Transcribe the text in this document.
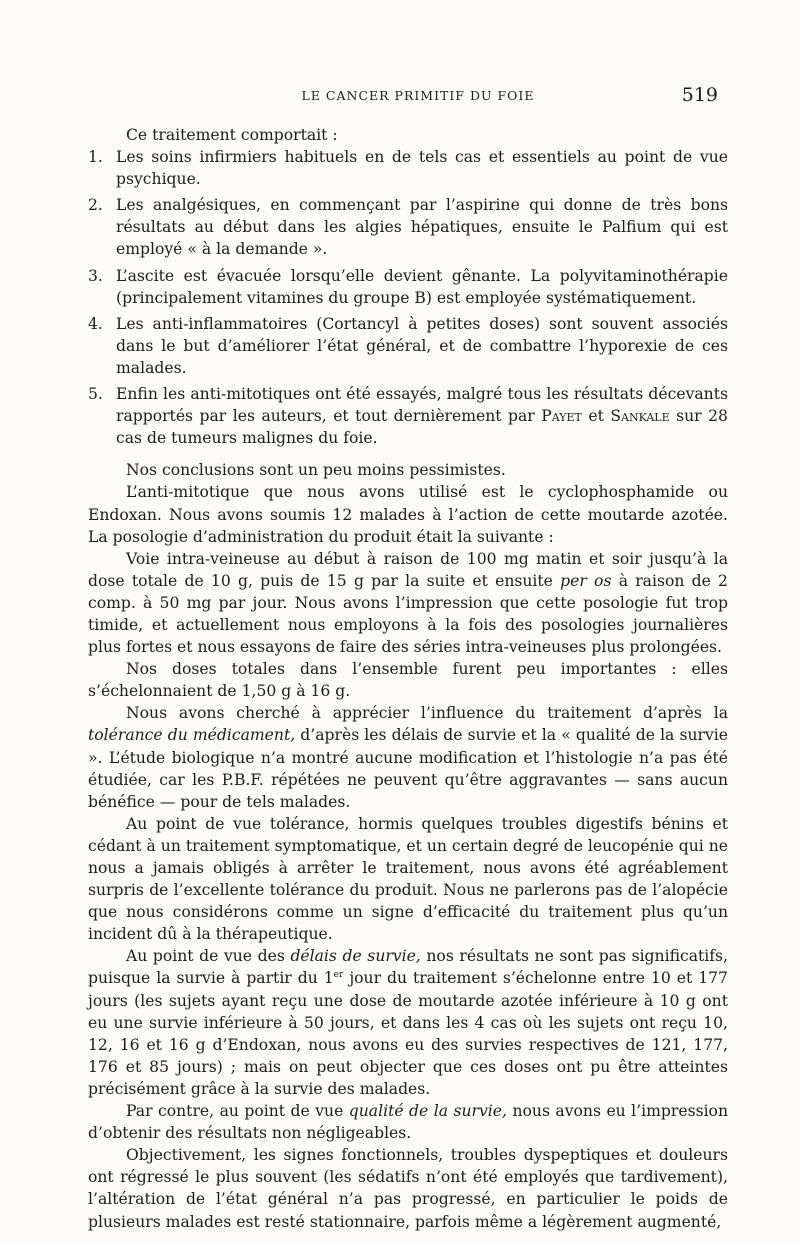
LE CANCER PRIMITIF DU FOIE	519

Ce traitement comportait :

1. Les soins infirmiers habituels en de tels cas et essentiels au point de vue psychique.
2. Les analgésiques, en commençant par l’aspirine qui donne de très bons résultats au début dans les algies hépatiques, ensuite le Palfium qui est employé « à la demande ».
3. L’ascite est évacuée lorsqu’elle devient gênante. La polyvitaminothérapie (principalement vitamines du groupe B) est employée systématiquement.
4. Les anti-inflammatoires (Cortancyl à petites doses) sont souvent associés dans le but d’améliorer l’état général, et de combattre l’hyporexie de ces malades.
5. Enfin les anti-mitotiques ont été essayés, malgré tous les résultats décevants rapportés par les auteurs, et tout dernièrement par Payet et Sankale sur 28 cas de tumeurs malignes du foie.

Nos conclusions sont un peu moins pessimistes.

L’anti-mitotique que nous avons utilisé est le cyclophosphamide ou Endoxan. Nous avons soumis 12 malades à l’action de cette moutarde azotée. La posologie d’administration du produit était la suivante :

Voie intra-veineuse au début à raison de 100 mg matin et soir jusqu’à la dose totale de 10 g, puis de 15 g par la suite et ensuite per os à raison de 2 comp. à 50 mg par jour. Nous avons l’impression que cette posologie fut trop timide, et actuellement nous employons à la fois des posologies journalières plus fortes et nous essayons de faire des séries intra-veineuses plus prolongées.

Nos doses totales dans l’ensemble furent peu importantes : elles s’échelonnaient de 1,50 g à 16 g.

Nous avons cherché à apprécier l’influence du traitement d’après la tolérance du médicament, d’après les délais de survie et la « qualité de la survie ». L’étude biologique n’a montré aucune modification et l’histologie n’a pas été étudiée, car les P.B.F. répétées ne peuvent qu’être aggravantes — sans aucun bénéfice — pour de tels malades.

Au point de vue tolérance, hormis quelques troubles digestifs bénins et cédant à un traitement symptomatique, et un certain degré de leucopénie qui ne nous a jamais obligés à arrêter le traitement, nous avons été agréablement surpris de l’excellente tolérance du produit. Nous ne parlerons pas de l’alopécie que nous considérons comme un signe d’efficacité du traitement plus qu’un incident dû à la thérapeutique.

Au point de vue des délais de survie, nos résultats ne sont pas significatifs, puisque la survie à partir du 1er jour du traitement s’échelonne entre 10 et 177 jours (les sujets ayant reçu une dose de moutarde azotée inférieure à 10 g ont eu une survie inférieure à 50 jours, et dans les 4 cas où les sujets ont reçu 10, 12, 16 et 16 g d’Endoxan, nous avons eu des survies respectives de 121, 177, 176 et 85 jours) ; mais on peut objecter que ces doses ont pu être atteintes précisément grâce à la survie des malades.

Par contre, au point de vue qualité de la survie, nous avons eu l’impression d’obtenir des résultats non négligeables.

Objectivement, les signes fonctionnels, troubles dyspeptiques et douleurs ont régressé le plus souvent (les sédatifs n’ont été employés que tardivement), l’altération de l’état général n’a pas progressé, en particulier le poids de plusieurs malades est resté stationnaire, parfois même a légèrement augmenté,
